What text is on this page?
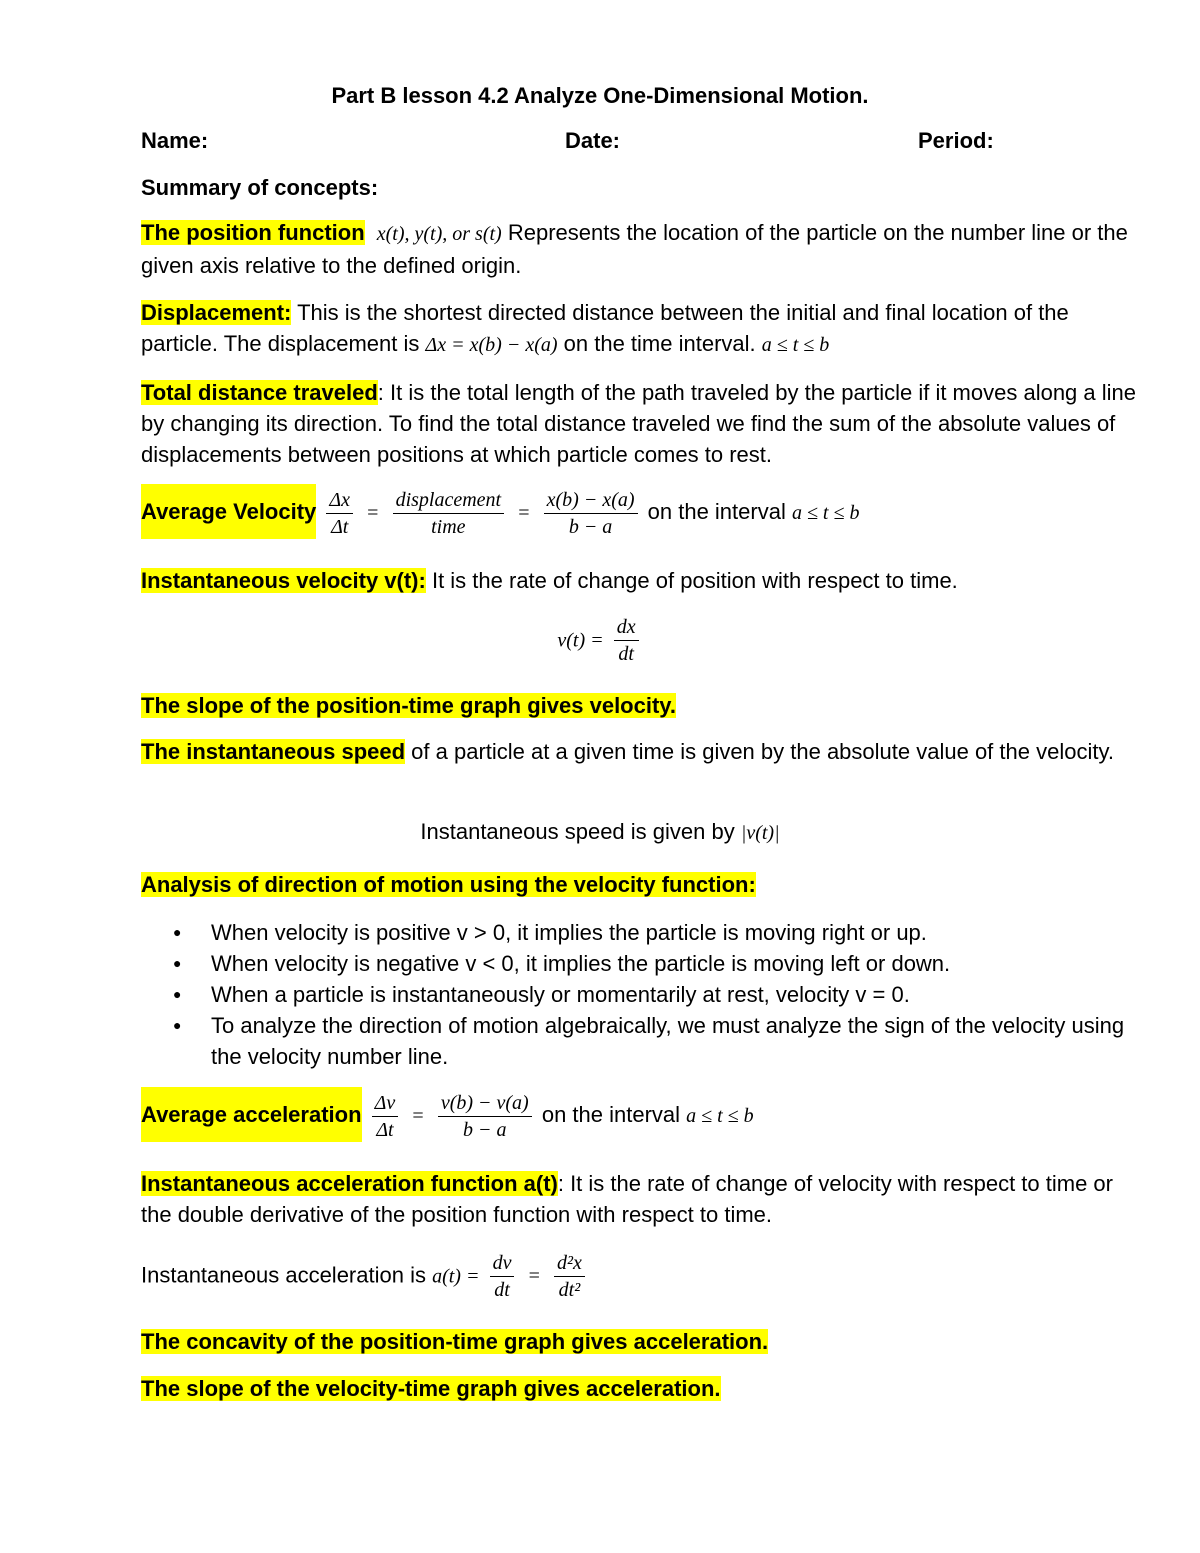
Part B lesson 4.2 Analyze One-Dimensional Motion.
Name:	Date:	Period:
Summary of concepts:
The position function x(t), y(t), or s(t) Represents the location of the particle on the number line or the given axis relative to the defined origin.
Displacement: This is the shortest directed distance between the initial and final location of the particle. The displacement is Δx = x(b) − x(a) on the time interval. a ≤ t ≤ b
Total distance traveled: It is the total length of the path traveled by the particle if it moves along a line by changing its direction. To find the total distance traveled we find the sum of the absolute values of displacements between positions at which particle comes to rest.
Average Velocity $\frac{\Delta x}{\Delta t} = \frac{\text{displacement}}{\text{time}} = \frac{x(b) - x(a)}{b - a}$ on the interval a ≤ t ≤ b
Instantaneous velocity v(t): It is the rate of change of position with respect to time.
$v(t) = \frac{dx}{dt}$
The slope of the position-time graph gives velocity.
The instantaneous speed of a particle at a given time is given by the absolute value of the velocity.
Instantaneous speed is given by |v(t)|
Analysis of direction of motion using the velocity function:
● When velocity is positive v > 0, it implies the particle is moving right or up.
● When velocity is negative v < 0, it implies the particle is moving left or down.
● When a particle is instantaneously or momentarily at rest, velocity v = 0.
● To analyze the direction of motion algebraically, we must analyze the sign of the velocity using the velocity number line.
Average acceleration $\frac{\Delta v}{\Delta t} = \frac{v(b) - v(a)}{b - a}$ on the interval a ≤ t ≤ b
Instantaneous acceleration function a(t): It is the rate of change of velocity with respect to time or the double derivative of the position function with respect to time.
Instantaneous acceleration is $a(t) = \frac{dv}{dt} = \frac{\text{d²x}}{\text{dt²}}$
The concavity of the position-time graph gives acceleration.
The slope of the velocity-time graph gives acceleration.
